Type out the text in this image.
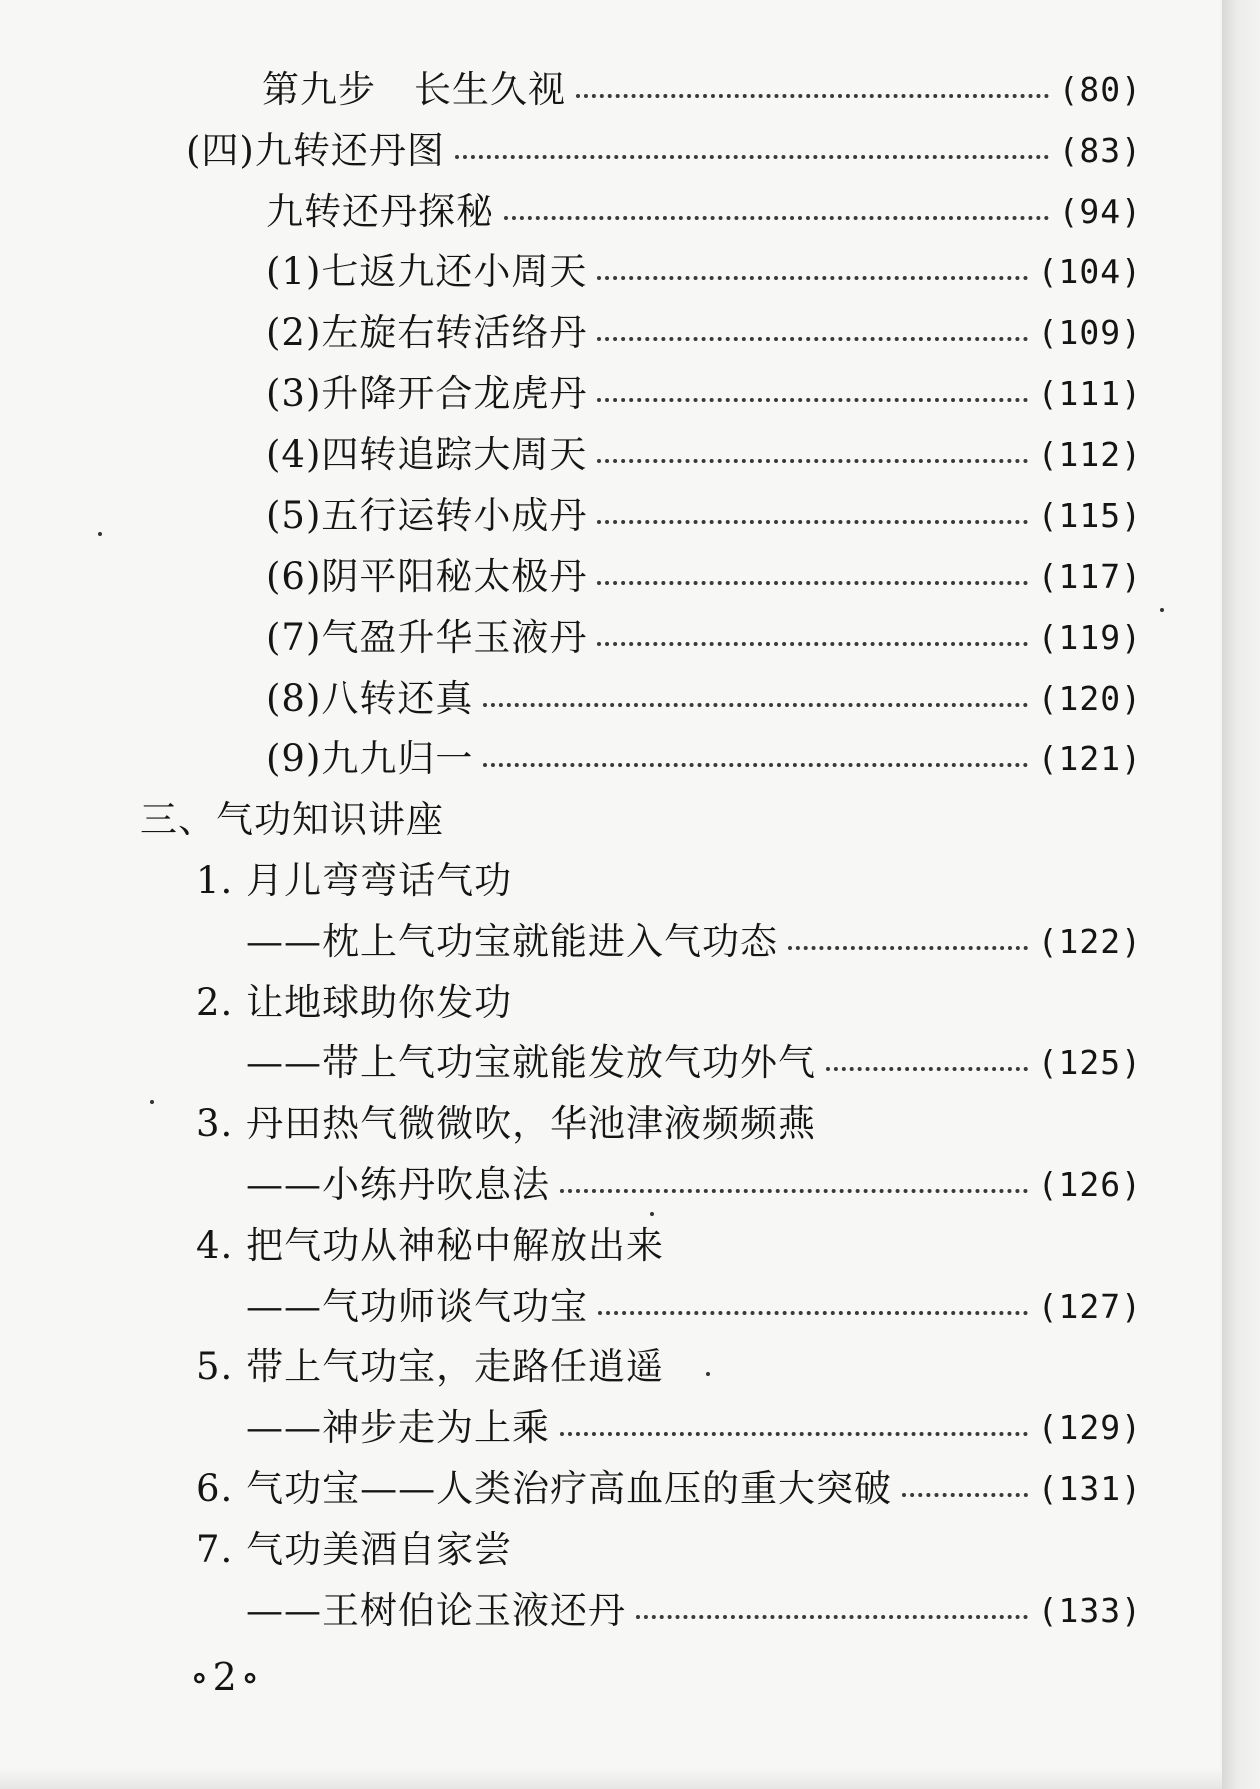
第九步　长生久视	(80)
(四)九转还丹图	(83)
九转还丹探秘	(94)
(1)七返九还小周天	(104)
(2)左旋右转活络丹	(109)
(3)升降开合龙虎丹	(111)
(4)四转追踪大周天	(112)
(5)五行运转小成丹	(115)
(6)阴平阳秘太极丹	(117)
(7)气盈升华玉液丹	(119)
(8)八转还真	(120)
(9)九九归一	(121)
三、气功知识讲座
1. 月儿弯弯话气功
——枕上气功宝就能进入气功态	(122)
2. 让地球助你发功
——带上气功宝就能发放气功外气	(125)
3. 丹田热气微微吹，华池津液频频燕
——小练丹吹息法	(126)
4. 把气功从神秘中解放出来
——气功师谈气功宝	(127)
5. 带上气功宝，走路任逍遥
——神步走为上乘	(129)
6. 气功宝——人类治疗高血压的重大突破	(131)
7. 气功美酒自家尝
——王树伯论玉液还丹	(133)
∘2∘
